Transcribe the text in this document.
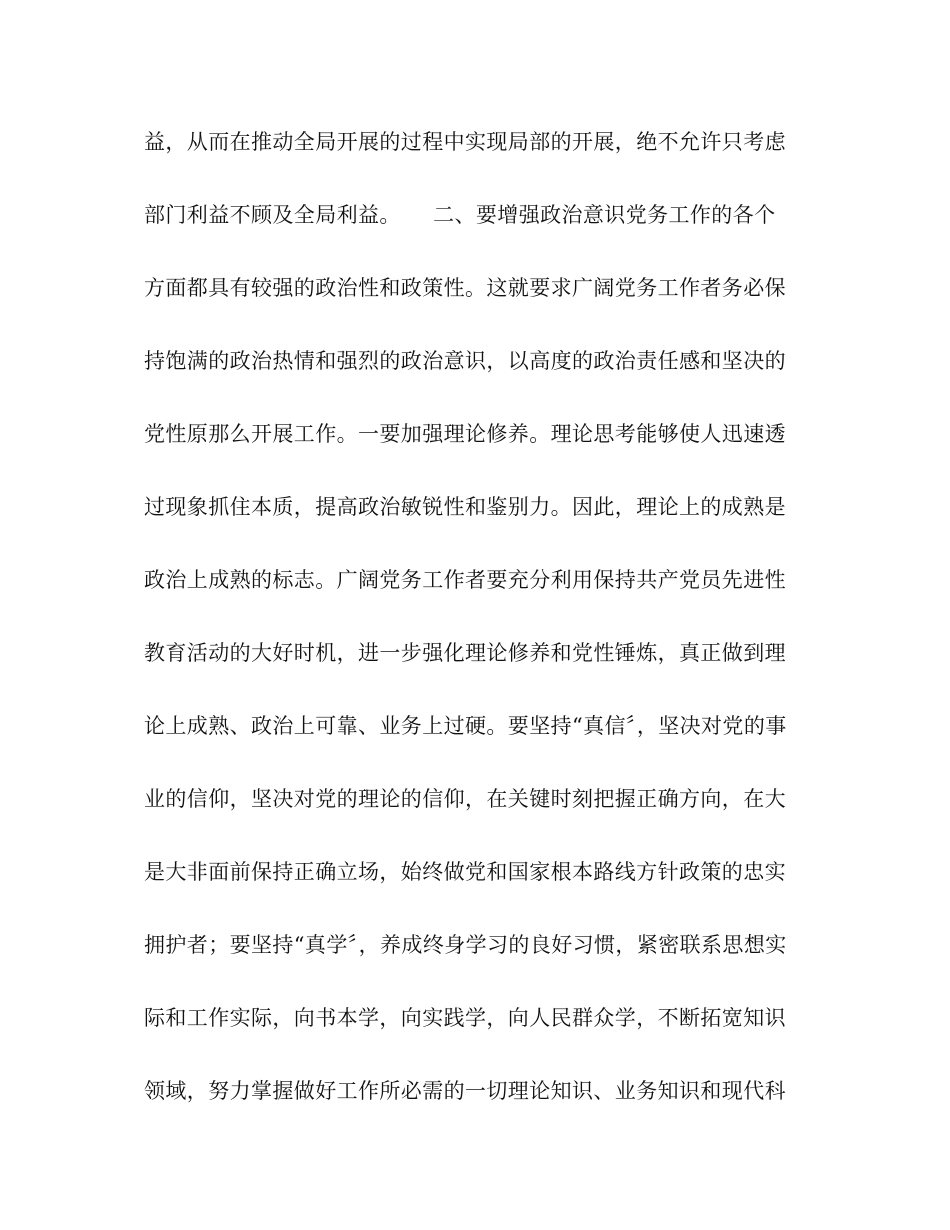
益，从而在推动全局开展的过程中实现局部的开展，绝不允许只考虑
部门利益不顾及全局利益。　　二、要增强政治意识党务工作的各个
方面都具有较强的政治性和政策性。这就要求广阔党务工作者务必保
持饱满的政治热情和强烈的政治意识，以高度的政治责任感和坚决的
党性原那么开展工作。一要加强理论修养。理论思考能够使人迅速透
过现象抓住本质，提高政治敏锐性和鉴别力。因此，理论上的成熟是
政治上成熟的标志。广阔党务工作者要充分利用保持共产党员先进性
教育活动的大好时机，进一步强化理论修养和党性锤炼，真正做到理
论上成熟、政治上可靠、业务上过硬。要坚持“真信〞，坚决对党的事
业的信仰，坚决对党的理论的信仰，在关键时刻把握正确方向，在大
是大非面前保持正确立场，始终做党和国家根本路线方针政策的忠实
拥护者；要坚持“真学〞，养成终身学习的良好习惯，紧密联系思想实
际和工作实际，向书本学，向实践学，向人民群众学，不断拓宽知识
领域，努力掌握做好工作所必需的一切理论知识、业务知识和现代科
